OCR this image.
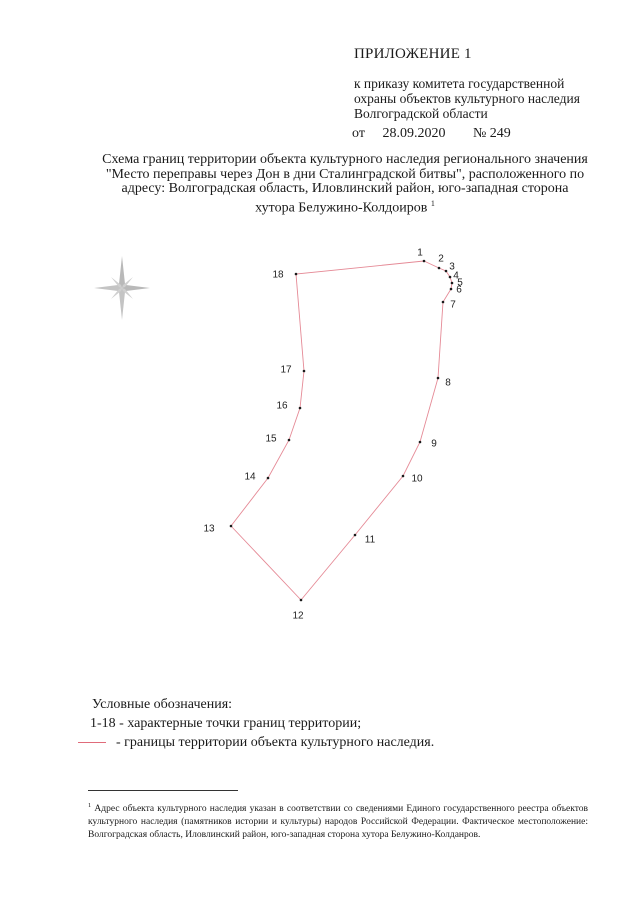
ПРИЛОЖЕНИЕ 1
к приказу комитета государственной охраны объектов культурного наследия Волгоградской области
от 28.09.2020 № 249
Схема границ территории объекта культурного наследия регионального значения "Место переправы через Дон в дни Сталинградской битвы", расположенного по адресу: Волгоградская область, Иловлинский район, юго-западная сторона хутора Белужино-Колдоиров $^1$
1
2
3
4
5
6
7
8
9
10
11
12
13
14
15
16
17
18
Условные обозначения:
1-18 - характерные точки границ территории;
- границы территории объекта культурного наследия.
$^1$ Адрес объекта культурного наследия указан в соответствии со сведениями Единого государственного реестра объектов культурного наследия (памятников истории и культуры) народов Российской Федерации. Фактическое местоположение: Волгоградская область, Иловлинский район, юго-западная сторона хутора Белужино-Колданров.
